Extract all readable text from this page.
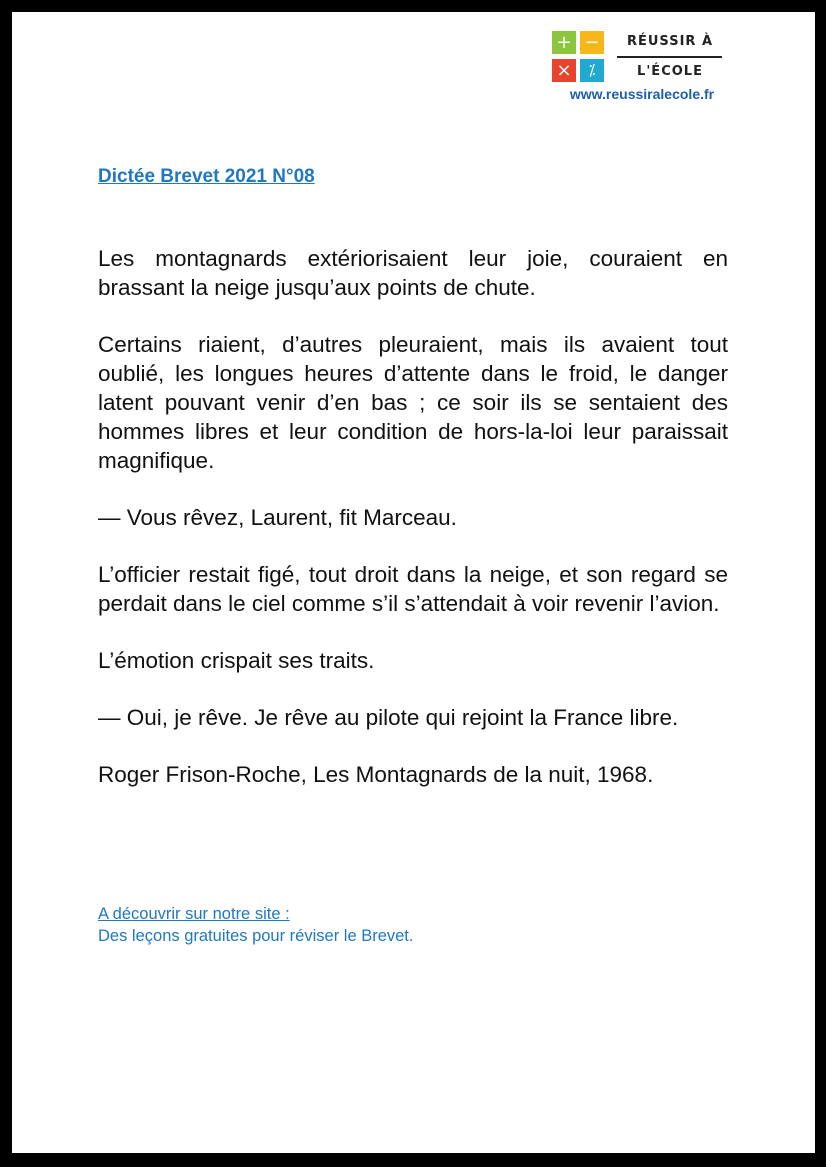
+ −
×	⁒
RÉUSSIR À
L'ÉCOLE
www.reussiralecole.fr
Dictée Brevet 2021 N°08

Les montagnards extériorisaient leur joie, couraient en brassant la neige jusqu’aux points de chute.

Certains riaient, d’autres pleuraient, mais ils avaient tout oublié, les longues heures d’attente dans le froid, le danger latent pouvant venir d’en bas ; ce soir ils se sentaient des hommes libres et leur condition de hors-la-loi leur paraissait magnifique.

— Vous rêvez, Laurent, fit Marceau.

L’officier restait figé, tout droit dans la neige, et son regard se perdait dans le ciel comme s’il s’attendait à voir revenir l’avion.

L’émotion crispait ses traits.

— Oui, je rêve. Je rêve au pilote qui rejoint la France libre.

Roger Frison-Roche, Les Montagnards de la nuit, 1968.

A découvrir sur notre site :
Des leçons gratuites pour réviser le Brevet.
